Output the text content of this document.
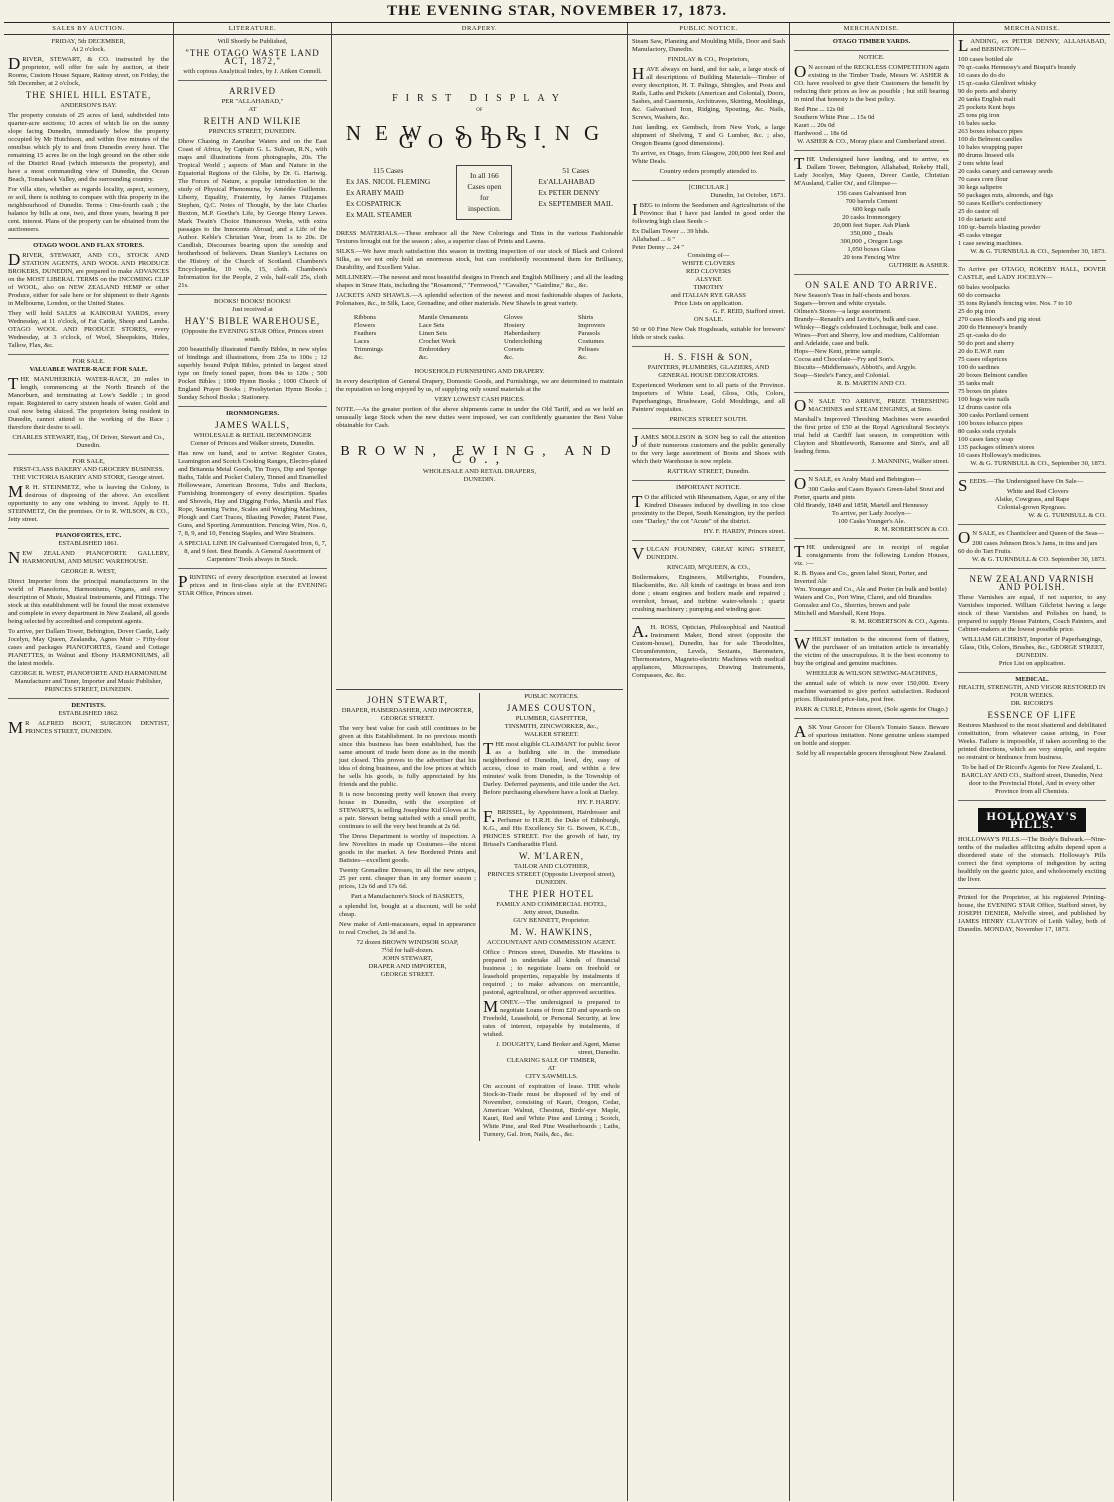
THE EVENING STAR, NOVEMBER 17, 1873.
SALES BY AUCTION.
FRIDAY, 5th DECEMBER,
At 2 o'clock.

DRIVER, STEWART, & CO. instructed by the proprietor, will offer for sale by auction, at their Rooms, Custom House Square, Rattray street, on Friday, the 5th December, at 2 o'clock,

THE SHIEL HILL ESTATE,
ANDERSON'S BAY.

The property consists of 25 acres of land, subdivided into quarter-acre sections; 10 acres of which lie on the sunny slope facing Dunedin, immediately below the property occupied by Mr Hutchison, and within five minutes of the omnibus which ply to and from Dunedin every hour. The remaining 15 acres lie on the high ground on the other side of the District Road (which intersects the property), and have a most commanding view of Dunedin, the Ocean Beach, Tomahawk Valley, and the surrounding country.

For villa sites, whether as regards locality, aspect, scenery, or soil, there is nothing to compare with this property in the neighbourhood of Dunedin. Terms : One-fourth cash ; the balance by bills at one, two, and three years, bearing 8 per cent. interest. Plans of the property can be obtained from the auctioneers.

OTAGO WOOL AND FLAX STORES.

DRIVER, STEWART, AND CO., STOCK AND STATION AGENTS, AND WOOL AND PRODUCE BROKERS, DUNEDIN, are prepared to make ADVANCES on the MOST LIBERAL TERMS on the INCOMING CLIP of WOOL, also on NEW ZEALAND HEMP or other Produce, either for sale here or for shipment to their Agents in Melbourne, London, or the United States.

They will hold SALES at KAIKORAI YARDS, every Wednesday, at 11 o'clock, of Fat Cattle, Sheep and Lambs. OTAGO WOOL AND PRODUCE STORES, every Wednesday, at 3 o'clock, of Wool, Sheepskins, Hides, Tallow, Flax, &c.

FOR SALE.
VALUABLE WATER-RACE FOR SALE.

THE MANUHERIKIA WATER-RACE, 20 miles in length, commencing at the North Branch of the Manorburn, and terminating at Low's Saddle ; in good repair. Registered to carry sixteen heads of water. Gold and coal now being sluiced. The proprietors being resident in Dunedin, cannot attend to the working of the Race ; therefore their desire to sell.

CHARLES STEWART, Esq., Of Driver, Stewart and Co., Dunedin.
FOR SALE,
FIRST-CLASS BAKERY AND GROCERY BUSINESS.
THE VICTORIA BAKERY AND STORE, George street.

MR H. STEINMETZ, who is leaving the Colony, is desirous of disposing of the above. An excellent opportunity to any one wishing to invest. Apply to H. STEINMETZ, On the premises. Or to R. WILSON, & CO., Jetty street.

PIANOFORTES, ETC.
ESTABLISHED 1861.

NEW ZEALAND PIANOFORTE GALLERY, HARMONIUM, AND MUSIC WAREHOUSE.

GEORGE R. WEST,

Direct Importer from the principal manufacturers in the world of Pianofortes, Harmoniums, Organs, and every description of Music, Musical Instruments, and Fittings. The stock at this establishment will be found the most extensive and complete in every department in New Zealand, all goods being selected by accredited and competent agents.

To arrive, per Dallam Tower, Bebington, Dover Castle, Lady Jocelyn, May Queen, Zealandia, Agnes Muir :- Fifty-four cases and packages PIANOFORTES, Grand and Cottage PIANETTES, in Walnut and Ebony HARMONIUMS, all the latest models.

GEORGE R. WEST, PIANOFORTE AND HARMONIUM Manufacturer and Tuner, Importer and Music Publisher, PRINCES STREET, DUNEDIN.
DENTISTS.
ESTABLISHED 1862.

MR ALFRED BOOT, SURGEON DENTIST, PRINCES STREET, DUNEDIN.

LITERATURE.
Will Shortly be Published,
"THE OTAGO WASTE LAND ACT, 1872,"
with copious Analytical Index, by J. Aitken Connell.
ARRIVED
PER "ALLAHABAD,"
AT
REITH AND WILKIE
PRINCES STREET, DUNEDIN.

Dhow Chasing in Zanzibar Waters and on the East Coast of Africa, by Captain G. L. Sulivan, R.N., with maps and illustrations from photographs, 20s. The Tropical World ; aspects of Man and Nature in the Equatorial Regions of the Globe, by Dr. G. Hartwig. The Forces of Nature, a popular introduction to the study of Physical Phenomena, by Amédée Guillemin. Liberty, Equality, Fraternity, by James Fitzjames Stephen, Q.C. Notes of Thought, by the late Charles Buxton, M.P. Goethe's Life, by George Henry Lewes. Mark Twain's Choice Humorous Works, with extra passages to the Innocents Abroad, and a Life of the Author. Keble's Christian Year, from 1s to 20s. Dr Candlish, Discourses bearing upon the sonship and brotherhood of believers. Dean Stanley's Lectures on the History of the Church of Scotland. Chambers's Encyclopædia, 10 vols, 15, cloth. Chambers's Information for the People, 2 vols, half-calf 25s, cloth 21s.

BOOKS! BOOKS! BOOKS!
Just received at
HAY'S BIBLE WAREHOUSE,
(Opposite the EVENING STAR Office, Princes street south.

200 beautifully illustrated Family Bibles, in new styles of bindings and illustrations, from 25s to 100s ; 12 superbly bound Pulpit Bibles, printed in largest sized type on finely toned paper, from 84s to 120s ; 500 Pocket Bibles ; 1000 Hymn Books ; 1000 Church of England Prayer Books ; Presbyterian Hymn Books ; Sunday School Books ; Stationery.

IRONMONGERS.
JAMES WALLS,
WHOLESALE & RETAIL IRONMONGER
Corner of Princes and Walker streets, Dunedin.

Has now on hand, and to arrive: Register Grates, Leamington and Scotch Cooking Ranges, Electro-plated and Britannia Metal Goods, Tin Trays, Dip and Sponge Baths, Table and Pocket Cutlery, Tinned and Enamelled Hollowware, American Brooms, Tubs and Buckets, Furnishing Ironmongery of every description. Spades and Shovels, Hay and Digging Forks, Manila and Flax Rope, Seaming Twine, Scales and Weighing Machines, Plough and Cart Traces, Blasting Powder, Patent Fuse, Guns, and Sporting Ammunition. Fencing Wire, Nos. 6, 7, 8, 9, and 10, Fencing Staples, and Wire Strainers.

A SPECIAL LINE IN Galvanised Corrugated Iron, 6, 7, 8, and 9 feet. Best Brands. A General Assortment of Carpenters' Tools always in Stock.

PRINTING of every description executed at lowest prices and in first-class style at the EVENING STAR Office, Princes street.

DRAPERY.
FIRST DISPLAY
OF
NEW SPRING GOODS.
115 Cases
Ex JAS. NICOL FLEMING
Ex ARABY MAID
Ex COSPATRICK
Ex MAIL STEAMER
In all 166 Cases open for inspection.
51 Cases
Ex'ALLAHABAD
Ex PETER DENNY
Ex SEPTEMBER MAIL

DRESS MATERIALS.—These embrace all the New Colorings and Tints in the various Fashionable Textures brought out for the season ; also, a superior class of Prints and Lawns.

SILKS.—We have much satisfaction this season in inviting inspection of our stock of Black and Colored Silks, as we not only hold an enormous stock, but can confidently recommend them for Brilliancy, Durability, and Excellent Value.

MILLINERY.—The newest and most beautiful designs in French and English Millinery ; and all the leading shapes in Straw Hats, including the "Rosamond," "Fernwood," "Cavalier," "Gairdine," &c., &c.

JACKETS AND SHAWLS.—A splendid selection of the newest and most fashionable shapes of Jackets, Polonaises, &c., in Silk, Lace, Grenadine, and other materials. New Shawls in great variety.

Ribbons
Flowers
Feathers
Laces
Trimmings
&c.
Mantle Ornaments
Lace Sets
Linen Sets
Crochet Work
Embroidery
&c.
Gloves
Hosiery
Haberdashery
Underclothing
Corsets
&c.
Shirts
Improvers
Parasols
Costumes
Pelisses
&c.
HOUSEHOLD FURNISHING AND DRAPERY.

In every description of General Drapery, Domestic Goods, and Furnishings, we are determined to maintain the reputation so long enjoyed by us, of supplying only sound materials at the

VERY LOWEST CASH PRICES.

NOTE.—As the greater portion of the above shipments came in under the Old Tariff, and as we held an unusually large Stock when the new duties were imposed, we can confidently guarantee the Best Value obtainable for Cash.

BROWN, EWING, AND Co.,
WHOLESALE AND RETAIL DRAPERS,
DUNEDIN.
JOHN STEWART,
DRAPER, HABERDASHER, AND IMPORTER,
GEORGE STREET.

The very best value for cash still continues to be given at this Establishment. In no previous month since this business has been established, has the same amount of trade been done as in the month just closed. This proves to the advertiser that his idea of doing business, and the low prices at which he sells his goods, is fully appreciated by his friends and the public.

It is now becoming pretty well known that every house in Dunedin, with the exception of STEWART'S, is selling Josephine Kid Gloves at 3s a pair. Stewart being satisfied with a small profit, continues to sell the very best brands at 2s 6d.

The Dress Department is worthy of inspection. A few Novelties in made up Costumes—the nicest goods in the market. A few Bordered Prints and Batistes—excellent goods.

Twenty Grenadine Dresses, in all the new stripes, 25 per cent. cheaper than in any former season ; prices, 12s 6d and 17s 6d.

Part a Manufacturer's Stock of BASKETS,

a splendid lot, bought at a discount, will be sold cheap.

New make of Anti-macassars, equal in appearance to real Crochet, 2s 3d and 3s.

72 dozen BROWN WINDSOR SOAP,
7½d for half-dozen.
JOHN STEWART,
DRAPER AND IMPORTER,
GEORGE STREET.
PUBLIC NOTICES.
JAMES COUSTON,
PLUMBER, GASFITTER,
TINSMITH, ZINCWORKER, &c.,
WALKER STREET.

THE most eligible CLAIMANT for public favor as a building site in the immediate neighborhood of Dunedin, level, dry, easy of access, close to main road, and within a few minutes' walk from Dunedin, is the Township of Darley. Deferred payments, and title under the Act. Before purchasing elsewhere have a look at Darley.

HY. F. HARDY.

F.BRISSEL, by Appointment, Hairdresser and Perfumer to H.R.H. the Duke of Edinburgh, K.G., and His Excellency Sir G. Bowen, K.C.B., PRINCES STREET. For the growth of hair, try Brissel's Cantharadite Fluid.

W. M'LAREN,
TAILOR AND CLOTHIER,
PRINCES STREET (Opposite Liverpool street), DUNEDIN.
THE PIER HOTEL
FAMILY AND COMMERCIAL HOTEL,
Jetty street, Dunedin.
GUY BENNETT, Proprietor.
M. W. HAWKINS,
ACCOUNTANT AND COMMISSION AGENT.

Office : Princes street, Dunedin. Mr Hawkins is prepared to undertake all kinds of financial business ; to negotiate loans on freehold or leasehold properties, repayable by instalments if required ; to make advances on mercantile, pastoral, agricultural, or other approved securities.

MONEY.—The undersigned is prepared to negotiate Loans of from £20 and upwards on Freehold, Leasehold, or Personal Security, at low rates of interest, repayable by instalments, if wished.

J. DOUGHTY, Land Broker and Agent, Manse street, Dunedin.
CLEARING SALE OF TIMBER,
AT
CITY SAWMILLS.

On account of expiration of lease. THE whole Stock-in-Trade must be disposed of by end of November, consisting of Kauri, Oregon, Cedar, American Walnut, Chestnut, Birds'-eye Maple, Kauri, Red and White Pine and Lining ; Scotch, White Pine, and Red Pine Weatherboards ; Laths, Turnery, Gal. Iron, Nails, &c., &c.

PUBLIC NOTICE.

Steam Saw, Planeing and Moulding Mills, Door and Sash Manufactory, Dunedin.

FINDLAY & CO., Proprietors,

HAVE always on hand, and for sale, a large stock of all descriptions of Building Materials—Timber of every description, H. T. Palings, Shingles, and Posts and Rails, Laths and Pickets (American and Colonial), Doors, Sashes, and Casements, Architraves, Skirting, Mouldings, &c. Galvanised Iron, Ridging, Spouting, &c. Nails, Screws, Washers, &c.

Just landing, ex Gembsch, from New York, a large shipment of Shelving, T and G Lumber, &c. ; also, Oregon Beams (good dimensions).

To arrive, ex Otago, from Glasgow, 200,000 feet Red and White Deals.

Country orders promptly attended to.
[CIRCULAR.]
Dunedin, 1st October, 1873.

IBEG to inform the Seedsmen and Agriculturists of the Province that I have just landed in good order the following high class Seeds :-

Ex Dallam Tower ... 39 hhds.
Allahabad ... 6 "
Peter Denny ... 24 "
Consisting of—
WHITE CLOVERS
RED CLOVERS
ALSYKE
TIMOTHY
and ITALIAN RYE GRASS
Price Lists on application.
G. F. REID, Stafford street.
ON SALE.

50 or 60 Fine New Oak Hogsheads, suitable for brewers' hhds or stock casks.

H. S. FISH & SON,
PAINTERS, PLUMBERS, GLAZIERS, AND GENERAL HOUSE DECORATORS.

Experienced Workmen sent to all parts of the Province. Importers of White Lead, Gloss, Oils, Colors, Paperhangings, Brushware, Gold Mouldings, and all Painters' requisites.

PRINCES STREET SOUTH.

JAMES MOLLISON & SON beg to call the attention of their numerous customers and the public generally to the very large assortment of Boots and Shoes with which their Warehouse is now replete.

RATTRAY STREET, Dunedin.
IMPORTANT NOTICE.

TO the afflicted with Rheumatism, Ague, or any of the Kindred Diseases induced by dwelling in too close proximity to the Depot, South Kensington, try the perfect cure "Darley," the cot "Acute" of the district.

HY. F. HARDY, Princes street.

VULCAN FOUNDRY, GREAT KING STREET, DUNEDIN.

KINCAID, M'QUEEN, & CO.,

Boilermakers, Engineers, Millwrights, Founders, Blacksmiths, &c. All kinds of castings in brass and iron done ; steam engines and boilers made and repaired ; overshot, breast, and turbine water-wheels ; quartz crushing machinery ; pumping and winding gear.

A.H. ROSS, Optician, Philosophical and Nautical Instrument Maker, Bond street (opposite the Custom-house), Dunedin, has for sale Theodolites, Circumferentors, Levels, Sextants, Barometers, Thermometers, Magneto-electric Machines with medical appliances, Microscopes, Drawing Instruments, Compasses, &c. &c.

MERCHANDISE.
OTAGO TIMBER YARDS.
NOTICE.

ON account of the RECKLESS COMPETITION again existing in the Timber Trade, Messrs W. ASHER & CO. have resolved to give their Customers the benefit by reducing their prices as low as possible ; but still bearing in mind that honesty is the best policy.

Red Pine ... 12s 0d
Southern White Pine ... 15s 0d
Kauri ... 20s 0d
Hardwood ... 18s 6d
W. ASHER & CO., Moray place and Cumberland street.

THE Undersigned have landing, and to arrive, ex Dallam Tower, Bebington, Allahabad, Rokeby Hall, Lady Jocelyn, May Queen, Dover Castle, Christian M'Ausland, Caller Ou', and Glimpse—

156 cases Galvanised Iron
700 barrels Cement
600 kegs nails
20 casks Ironmongery
20,000 feet Super. Ash Plank
350,000 „ Deals
300,000 „ Oregon Logs
1,050 boxes Glass
20 tons Fencing Wire
GUTHRIE & ASHER.
ON SALE AND TO ARRIVE.
New Season's Teas in half-chests and boxes.
Sugars—brown and white crystals.
Oilmen's Stores—a large assortment.
Brandy—Renault's and Levitte's, bulk and case.
Whisky—Begg's celebrated Lochnagar, bulk and case.
Wines—Port and Sherry, low and medium, Californian and Adelaide, case and bulk.
Hops—New Kent, prime sample.
Cocoa and Chocolate—Fry and Son's.
Biscuits—Middlemass's, Abbott's, and Argyle.
Soap—Steele's Fancy, and Colonial.
R. B. MARTIN AND CO.

ON SALE TO ARRIVE, PRIZE THRESHING MACHINES and STEAM ENGINES, at Sims.

Marshall's Improved Threshing Machines were awarded the first prize of £50 at the Royal Agricultural Society's trial held at Cardiff last season, in competition with Clayton and Shuttleworth, Ransome and Sim's, and all leading firms.

J. MANNING, Walker street.

ON SALE, ex Araby Maid and Bebington—

300 Casks and Cases Byass's Green-label Stout and Porter, quarts and pints
Old Brandy, 1848 and 1858, Martell and Hennessy
To arrive, per Lady Jocelyn—
100 Casks Younger's Ale.
R. M. ROBERTSON & CO.

THE undersigned are in receipt of regular consignments from the following London Houses, viz. :—

R. B. Byass and Co., green label Stout, Porter, and Inverted Ale
Wm. Younger and Co., Ale and Porter (in bulk and bottle)
Waters and Co., Port Wine, Claret, and old Brandies
Gonzalez and Co., Sherries, brown and pale
Mitchell and Marshall, Kent Hops.
R. M. ROBERTSON & CO., Agents.

WHILST imitation is the sincerest form of flattery, the purchaser of an imitation article is invariably the victim of the unscrupulous. It is the best economy to buy the original and genuine machines.

WHEELER & WILSON SEWING-MACHINES,

the annual sale of which is now over 150,000. Every machine warranted to give perfect satisfaction. Reduced prices. Illustrated price-lists, post free.

PARK & CURLE, Princes street, (Sole agents for Otago.)

ASK Your Grocer for Olson's Tomato Sauce. Beware of spurious imitation. None genuine unless stamped on bottle and stopper.

Sold by all respectable grocers throughout New Zealand.
MERCHANDISE.

LANDING, ex PETER DENNY, ALLAHABAD, and BEBINGTON—

100 cases bottled ale
70 qr.-casks Hennessy's and Bisquit's brandy
10 cases do do do
15 qr.-casks Glenlivet whisky
90 do ports and sherry
20 tanks English malt
25 pockets Kent hops
25 tons pig iron
16 bales sacks
263 boxes tobacco pipes
100 do Belmont candles
10 bales wrapping paper
80 drums linseed oils
2 tons white lead
20 casks canary and carraway seeds
70 cases corn flour
30 kegs saltpetre
50 packages nuts, almonds, and figs
50 cases Keiller's confectionery
25 do castor oil
10 do tartaric acid
100 qr.-barrels blasting powder
45 casks vinegar
1 case sewing machines.
W. & G. TURNBULL & CO., September 30, 1873.

To Arrive per OTAGO, ROKEBY HALL, DOVER CASTLE, and LADY JOCELYN—

60 bales woolpacks
60 do cornsacks
35 tons Ryland's fencing wire. Nos. 7 to 10
25 do pig iron
270 cases Blood's and pig stout
200 do Hennessy's brandy
25 qr.-casks do do
50 do port and sherry
20 do E.W.P. rum
75 cases oilsprices
100 do sardines
20 boxes Belmont candles
35 tanks malt
75 boxes tin plates
100 hogs wire nails
12 drums castor oils
300 casks Portland cement
100 boxes tobacco pipes
80 casks soda crystals
100 cases fancy soap
135 packages oilmen's stores
10 cases Holloway's medicines.
W. & G. TURNBULL & CO., September 30, 1873.

SEEDS.—The Undersigned have On Sale—

White and Red Clovers
Alsike, Cowgrass, and Rape
Colonial-grown Ryegrass.
W. & G. TURNBULL & CO.

ON SALE, ex Chanticleer and Queen of the Seas—

200 cases Johnson Bros.'s Jams, in tins and jars
60 do do Tart Fruits.
W. & G. TURNBULL & CO. September 30, 1873.
NEW ZEALAND VARNISH AND POLISH.

These Varnishes are equal, if not superior, to any Varnishes imported. William Gilchrist having a large stock of these Varnishes and Polishes on hand, is prepared to supply House Painters, Coach Painters, and Cabinet-makers at the lowest possible price.

WILLIAM GILCHRIST, Importer of Paperhangings, Glass, Oils, Colors, Brushes, &c., GEORGE STREET, DUNEDIN.
Price List on application.
MEDICAL.
HEALTH, STRENGTH, AND VIGOR RESTORED IN FOUR WEEKS.
DR. RICORD'S
ESSENCE OF LIFE

Restores Manhood to the most shattered and debilitated constitution, from whatever cause arising, in Four Weeks. Failure is impossible, if taken according to the printed directions, which are very simple, and require no restraint or hindrance from business.

To be had of Dr Ricord's Agents for New Zealand, L. BARCLAY AND CO., Stafford street, Dunedin, Next door to the Provincial Hotel, And in every other Province from all Chemists.

HOLLOWAY'S PILLS.

HOLLOWAY'S PILLS.—The Body's Bulwark.—Nine-tenths of the maladies afflicting adults depend upon a disordered state of the stomach. Holloway's Pills correct the first symptoms of indigestion by acting healthily on the gastric juice, and wholesomely exciting the liver.

Printed for the Proprietor, at his registered Printing-house, the EVENING STAR Office, Stafford street, by JOSEPH DENIER, Melville street, and published by JAMES HENRY CLAYTON of Leith Valley, both of Dunedin. MONDAY, November 17, 1873.
